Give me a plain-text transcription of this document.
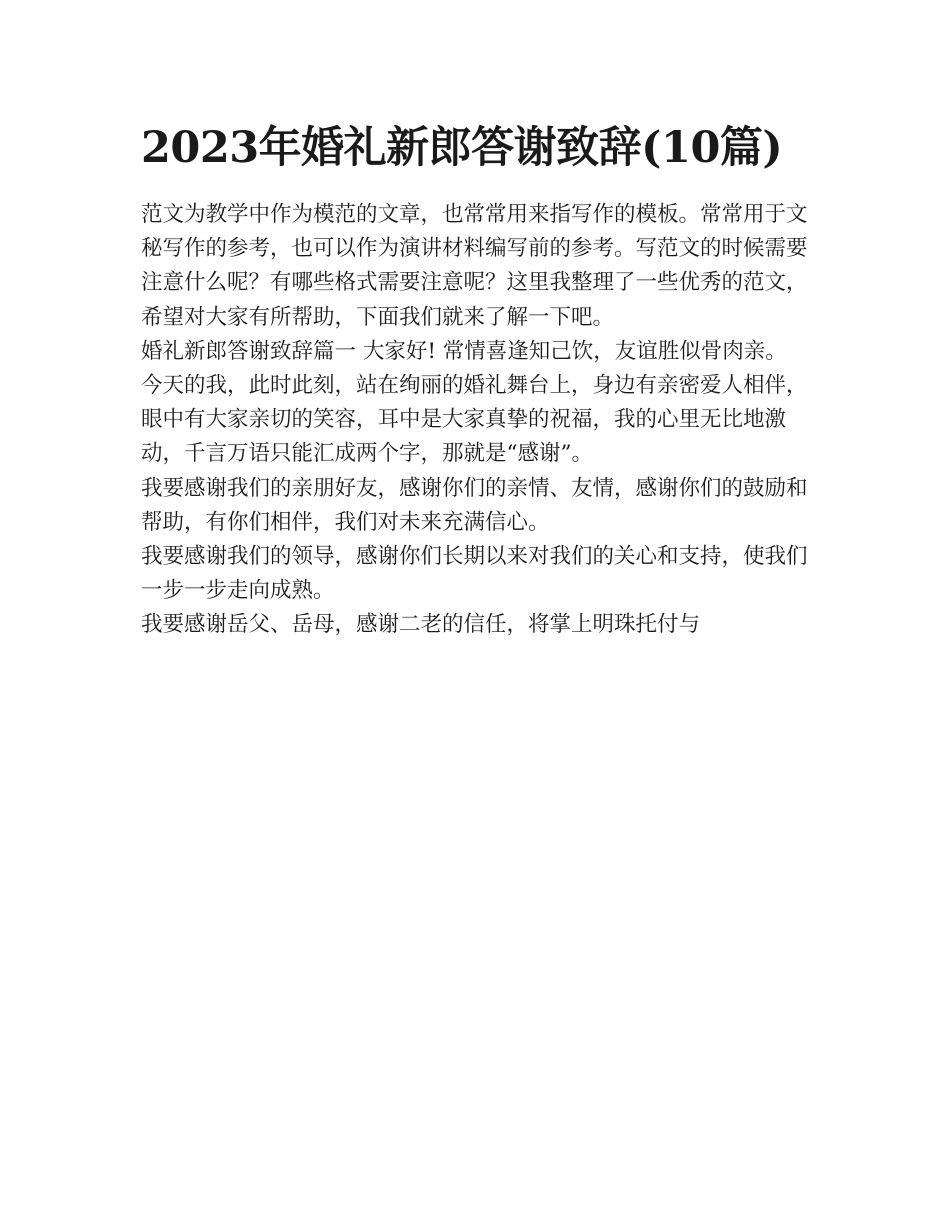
2023年婚礼新郎答谢致辞(10篇)

范文为教学中作为模范的文章，也常常用来指写作的模板。常常用于文秘写作的参考，也可以作为演讲材料编写前的参考。写范文的时候需要注意什么呢？有哪些格式需要注意呢？这里我整理了一些优秀的范文，希望对大家有所帮助，下面我们就来了解一下吧。

婚礼新郎答谢致辞篇一 大家好! 常情喜逢知己饮，友谊胜似骨肉亲。

今天的我，此时此刻，站在绚丽的婚礼舞台上，身边有亲密爱人相伴，眼中有大家亲切的笑容，耳中是大家真挚的祝福，我的心里无比地激动，千言万语只能汇成两个字，那就是“感谢”。

我要感谢我们的亲朋好友，感谢你们的亲情、友情，感谢你们的鼓励和帮助，有你们相伴，我们对未来充满信心。

我要感谢我们的领导，感谢你们长期以来对我们的关心和支持，使我们一步一步走向成熟。

我要感谢岳父、岳母，感谢二老的信任，将掌上明珠托付与
